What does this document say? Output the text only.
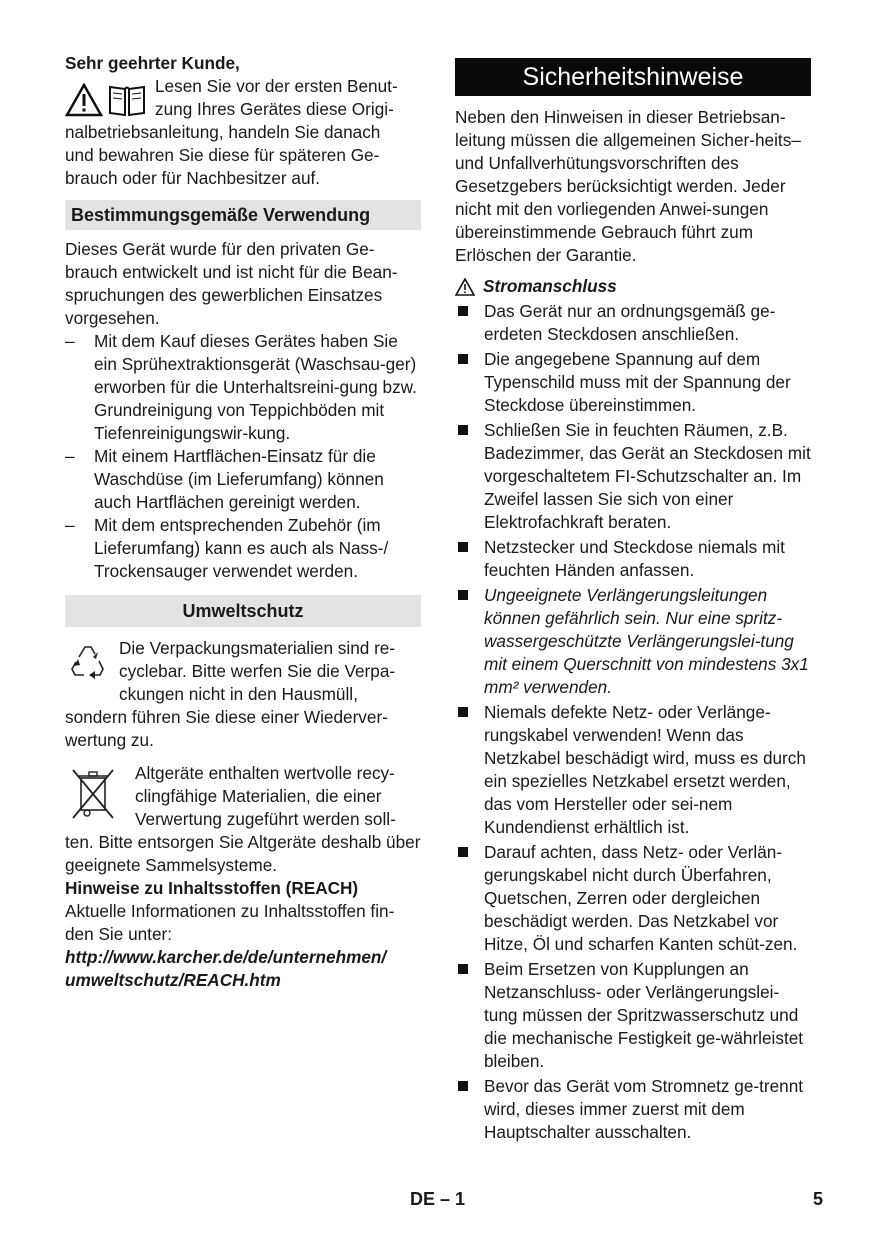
Sehr geehrter Kunde,

Lesen Sie vor der ersten Benut-
zung Ihres Gerätes diese Origi-
nalbetriebsanleitung, handeln Sie danach
und bewahren Sie diese für späteren Ge-
brauch oder für Nachbesitzer auf.
Bestimmungsgemäße Verwendung

Dieses Gerät wurde für den privaten Ge-brauch entwickelt und ist nicht für die Bean-spruchungen des gewerblichen Einsatzes vorgesehen.

– Mit dem Kauf dieses Gerätes haben Sie ein Sprühextraktionsgerät (Waschsau-ger) erworben für die Unterhaltsreini-gung bzw. Grundreinigung von Teppichböden mit Tiefenreinigungswir-kung.
– Mit einem Hartflächen-Einsatz für die Waschdüse (im Lieferumfang) können auch Hartflächen gereinigt werden.
– Mit dem entsprechenden Zubehör (im Lieferumfang) kann es auch als Nass-/ Trockensauger verwendet werden.
Umweltschutz

Die Verpackungsmaterialien sind re-cyclebar. Bitte werfen Sie die Verpa-ckungen nicht in den Hausmüll, sondern führen Sie diese einer Wiederver-wertung zu.

Altgeräte enthalten wertvolle recy-clingfähige Materialien, die einer Verwertung zugeführt werden soll-ten. Bitte entsorgen Sie Altgeräte deshalb über geeignete Sammelsysteme.

Hinweise zu Inhaltsstoffen (REACH)

Aktuelle Informationen zu Inhaltsstoffen fin-den Sie unter:

http://www.karcher.de/de/unternehmen/ umweltschutz/REACH.htm

Sicherheitshinweise

Neben den Hinweisen in dieser Betriebsan-leitung müssen die allgemeinen Sicher-heits– und Unfallverhütungsvorschriften des Gesetzgebers berücksichtigt werden. Jeder nicht mit den vorliegenden Anwei-sungen übereinstimmende Gebrauch führt zum Erlöschen der Garantie.

Stromanschluss
Das Gerät nur an ordnungsgemäß ge-erdeten Steckdosen anschließen.
Die angegebene Spannung auf dem Typenschild muss mit der Spannung der Steckdose übereinstimmen.
Schließen Sie in feuchten Räumen, z.B. Badezimmer, das Gerät an Steckdosen mit vorgeschaltetem FI-Schutzschalter an. Im Zweifel lassen Sie sich von einer Elektrofachkraft beraten.
Netzstecker und Steckdose niemals mit feuchten Händen anfassen.
Ungeeignete Verlängerungsleitungen können gefährlich sein. Nur eine spritz-wassergeschützte Verlängerungslei-tung mit einem Querschnitt von mindestens 3x1 mm² verwenden.
Niemals defekte Netz- oder Verlänge-rungskabel verwenden! Wenn das Netzkabel beschädigt wird, muss es durch ein spezielles Netzkabel ersetzt werden, das vom Hersteller oder sei-nem Kundendienst erhältlich ist.
Darauf achten, dass Netz- oder Verlän-gerungskabel nicht durch Überfahren, Quetschen, Zerren oder dergleichen beschädigt werden. Das Netzkabel vor Hitze, Öl und scharfen Kanten schüt-zen.
Beim Ersetzen von Kupplungen an Netzanschluss- oder Verlängerungslei-tung müssen der Spritzwasserschutz und die mechanische Festigkeit ge-währleistet bleiben.
Bevor das Gerät vom Stromnetz ge-trennt wird, dieses immer zuerst mit dem Hauptschalter ausschalten.
DE – 1	5
